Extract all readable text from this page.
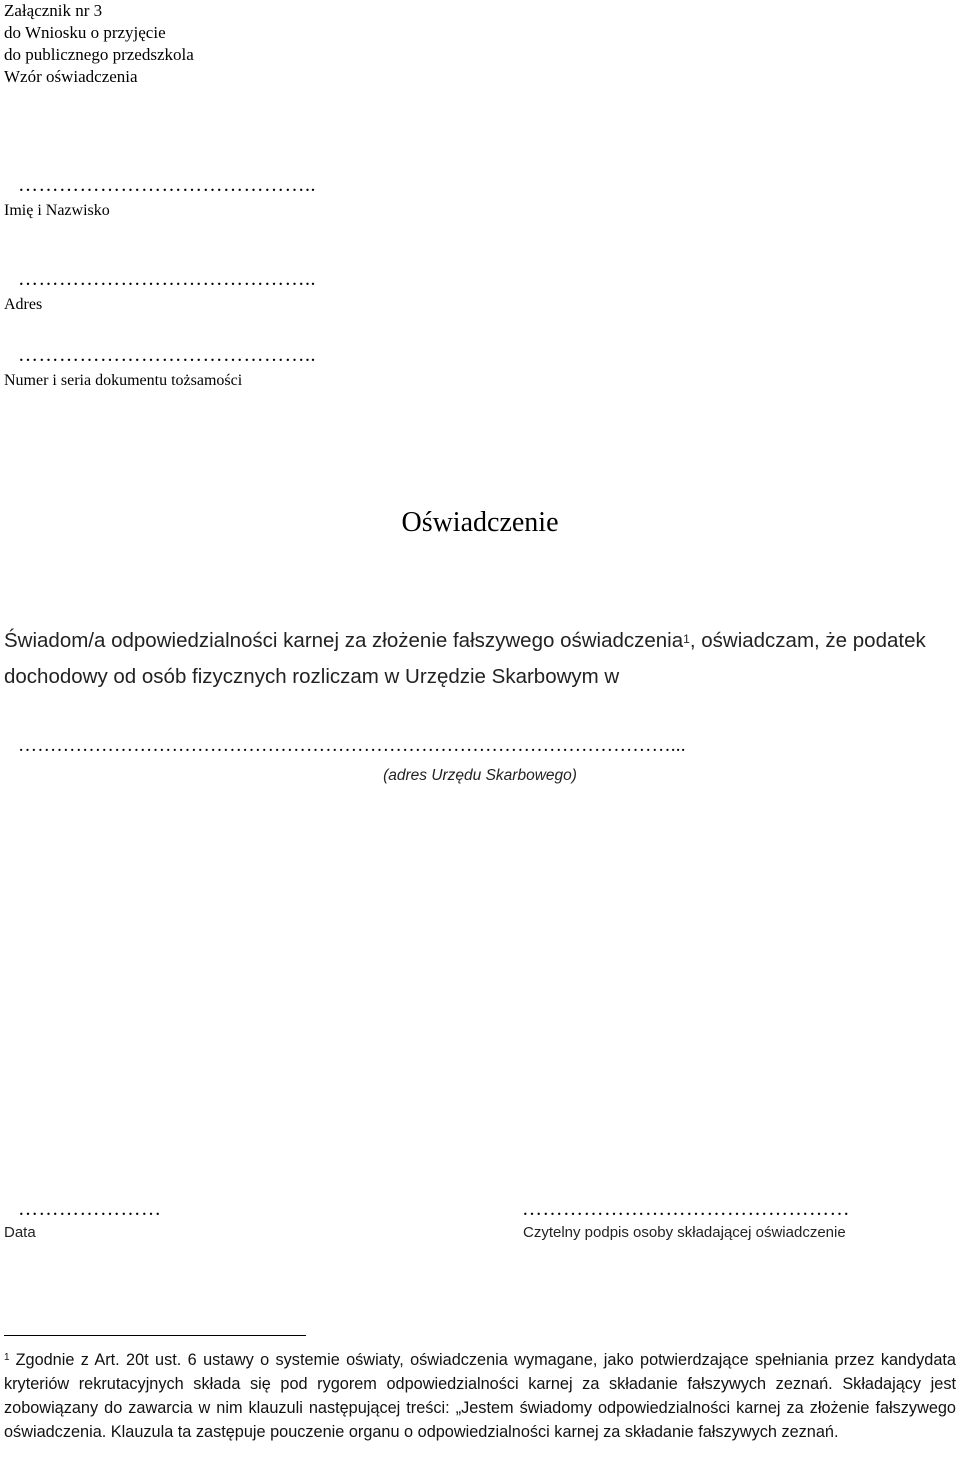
Załącznik nr 3
do Wniosku o przyjęcie
do publicznego przedszkola
Wzór oświadczenia
……………………………………..
Imię i Nazwisko
……………………………………..
Adres
……………………………………..
Numer i seria dokumentu tożsamości
Oświadczenie
Świadom/a odpowiedzialności karnej za złożenie fałszywego oświadczenia$^1$, oświadczam, że podatek dochodowy od osób fizycznych rozliczam w Urzędzie Skarbowym w
…………………………………………………………………………………………...
(adres Urzędu Skarbowego)
…………………
Data
…………………………………………
Czytelny podpis osoby składającej oświadczenie
$^1$ Zgodnie z Art. 20t ust. 6 ustawy o systemie oświaty, oświadczenia wymagane, jako potwierdzające spełniania przez kandydata kryteriów rekrutacyjnych składa się pod rygorem odpowiedzialności karnej za składanie fałszywych zeznań. Składający jest zobowiązany do zawarcia w nim klauzuli następującej treści: „Jestem świadomy odpowiedzialności karnej za złożenie fałszywego oświadczenia. Klauzula ta zastępuje pouczenie organu o odpowiedzialności karnej za składanie fałszywych zeznań.
